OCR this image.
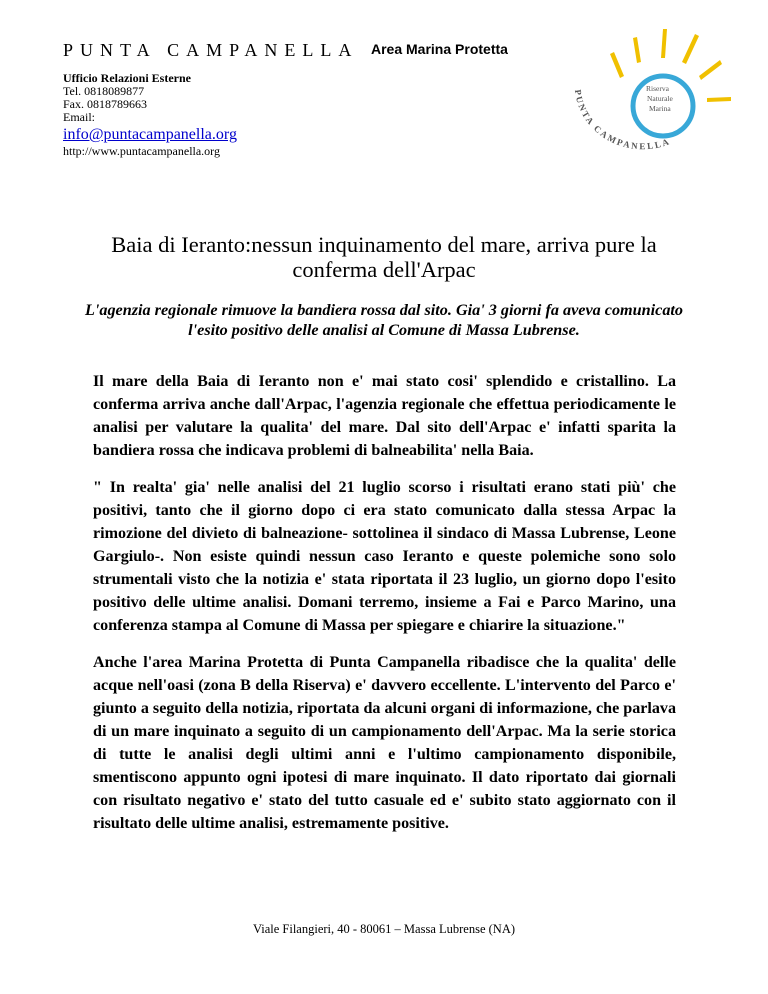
PUNTA CAMPANELLA Area Marina Protetta
Ufficio Relazioni Esterne
Tel. 0818089877
Fax. 0818789663
Email:
info@puntacampanella.org
http://www.puntacampanella.org
Riserva
Naturale
Marina
PUNTA CAMPANELLA
Baia di Ieranto:nessun inquinamento del mare, arriva pure la conferma dell'Arpac
L'agenzia regionale rimuove la bandiera rossa dal sito. Gia' 3 giorni fa aveva comunicato l'esito positivo delle analisi al Comune di Massa Lubrense.

Il mare della Baia di Ieranto non e' mai stato cosi' splendido e cristallino. La conferma arriva anche dall'Arpac, l'agenzia regionale che effettua periodicamente le analisi per valutare la qualita' del mare. Dal sito dell'Arpac e' infatti sparita la bandiera rossa che indicava problemi di balneabilita' nella Baia.

" In realta' gia' nelle analisi del 21 luglio scorso i risultati erano stati più' che positivi, tanto che il giorno dopo ci era stato comunicato dalla stessa Arpac la rimozione del divieto di balneazione- sottolinea il sindaco di Massa Lubrense, Leone Gargiulo-. Non esiste quindi nessun caso Ieranto e queste polemiche sono solo strumentali visto che la notizia e' stata riportata il 23 luglio, un giorno dopo l'esito positivo delle ultime analisi. Domani terremo, insieme a Fai e Parco Marino, una conferenza stampa al Comune di Massa per spiegare e chiarire la situazione."

Anche l'area Marina Protetta di Punta Campanella ribadisce che la qualita' delle acque nell'oasi (zona B della Riserva) e' davvero eccellente. L'intervento del Parco e' giunto a seguito della notizia, riportata da alcuni organi di informazione, che parlava di un mare inquinato a seguito di un campionamento dell'Arpac. Ma la serie storica di tutte le analisi degli ultimi anni e l'ultimo campionamento disponibile, smentiscono appunto ogni ipotesi di mare inquinato. Il dato riportato dai giornali con risultato negativo e' stato del tutto casuale ed e' subito stato aggiornato con il risultato delle ultime analisi, estremamente positive.

Viale Filangieri, 40 - 80061 – Massa Lubrense (NA)
